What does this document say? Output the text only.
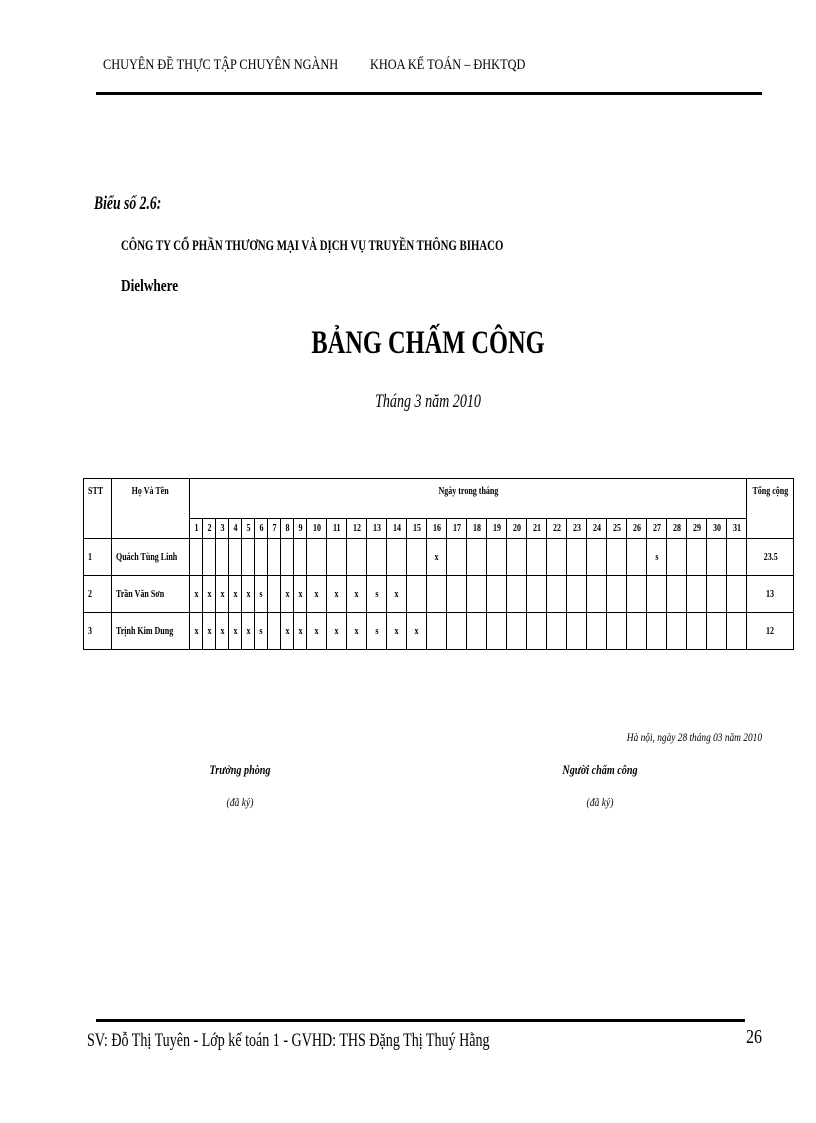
CHUYÊN ĐỀ THỰC TẬP CHUYÊN NGÀNH KHOA KẾ TOÁN – ĐHKTQD
Biểu số 2.6:
CÔNG TY CỔ PHẦN THƯƠNG MẠI VÀ DỊCH VỤ TRUYỀN THÔNG BIHACO
Dielwhere
BẢNG CHẤM CÔNG
Tháng 3 năm 2010
STT	Họ Và Tên	Ngày trong tháng																															Tổng cộng
		1	2	3	4	5	6	7	8	9	10	11	12	13	14	15	16	17	18	19	20	21	22	23	24	25	26	27	28	29	30	31	
1	Quách Tùng Linh																x											s					23.5
2	Trần Văn Sơn	x	x	x	x	x	s		x	x	x	x	x	s	x																		13
3	Trịnh Kim Dung	x	x	x	x	x	s		x	x	x	x	x	s	x	x																	12
Hà nội, ngày 28 tháng 03 năm 2010
Trưởng phòng
(đã ký)
Người chấm công
(đã ký)
SV: Đỗ Thị Tuyên - Lớp kế toán 1 - GVHD: THS Đặng Thị Thuý Hằng	26
